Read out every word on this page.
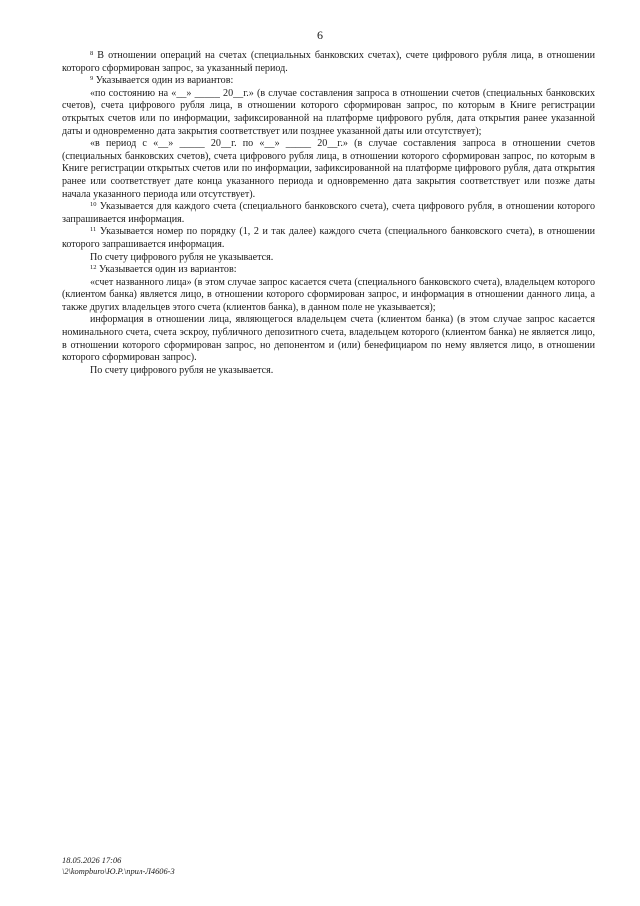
6

$^8$ В отношении операций на счетах (специальных банковских счетах), счете цифрового рубля лица, в отношении которого сформирован запрос, за указанный период.

$^9$ Указывается один из вариантов:

«по состоянию на «__» _____ 20__г.» (в случае составления запроса в отношении счетов (специальных банковских счетов), счета цифрового рубля лица, в отношении которого сформирован запрос, по которым в Книге регистрации открытых счетов или по информации, зафиксированной на платформе цифрового рубля, дата открытия ранее указанной даты и одновременно дата закрытия соответствует или позднее указанной даты или отсутствует);

«в период с «__» _____ 20__г. по «__» _____ 20__г.» (в случае составления запроса в отношении счетов (специальных банковских счетов), счета цифрового рубля лица, в отношении которого сформирован запрос, по которым в Книге регистрации открытых счетов или по информации, зафиксированной на платформе цифрового рубля, дата открытия ранее или соответствует дате конца указанного периода и одновременно дата закрытия соответствует или позже даты начала указанного периода или отсутствует).

$^{10}$ Указывается для каждого счета (специального банковского счета), счета цифрового рубля, в отношении которого запрашивается информация.

$^{11}$ Указывается номер по порядку (1, 2 и так далее) каждого счета (специального банковского счета), в отношении которого запрашивается информация.

По счету цифрового рубля не указывается.

$^{12}$ Указывается один из вариантов:

«счет названного лица» (в этом случае запрос касается счета (специального банковского счета), владельцем которого (клиентом банка) является лицо, в отношении которого сформирован запрос, и информация в отношении данного лица, а также других владельцев этого счета (клиентов банка), в данном поле не указывается);

информация в отношении лица, являющегося владельцем счета (клиентом банка) (в этом случае запрос касается номинального счета, счета эскроу, публичного депозитного счета, владельцем которого (клиентом банка) не является лицо, в отношении которого сформирован запрос, но депонентом и (или) бенефициаром по нему является лицо, в отношении которого сформирован запрос).

По счету цифрового рубля не указывается.

18.05.2026 17:06
\2\kompburo\Ю.Р.\прил-Л4606-3
